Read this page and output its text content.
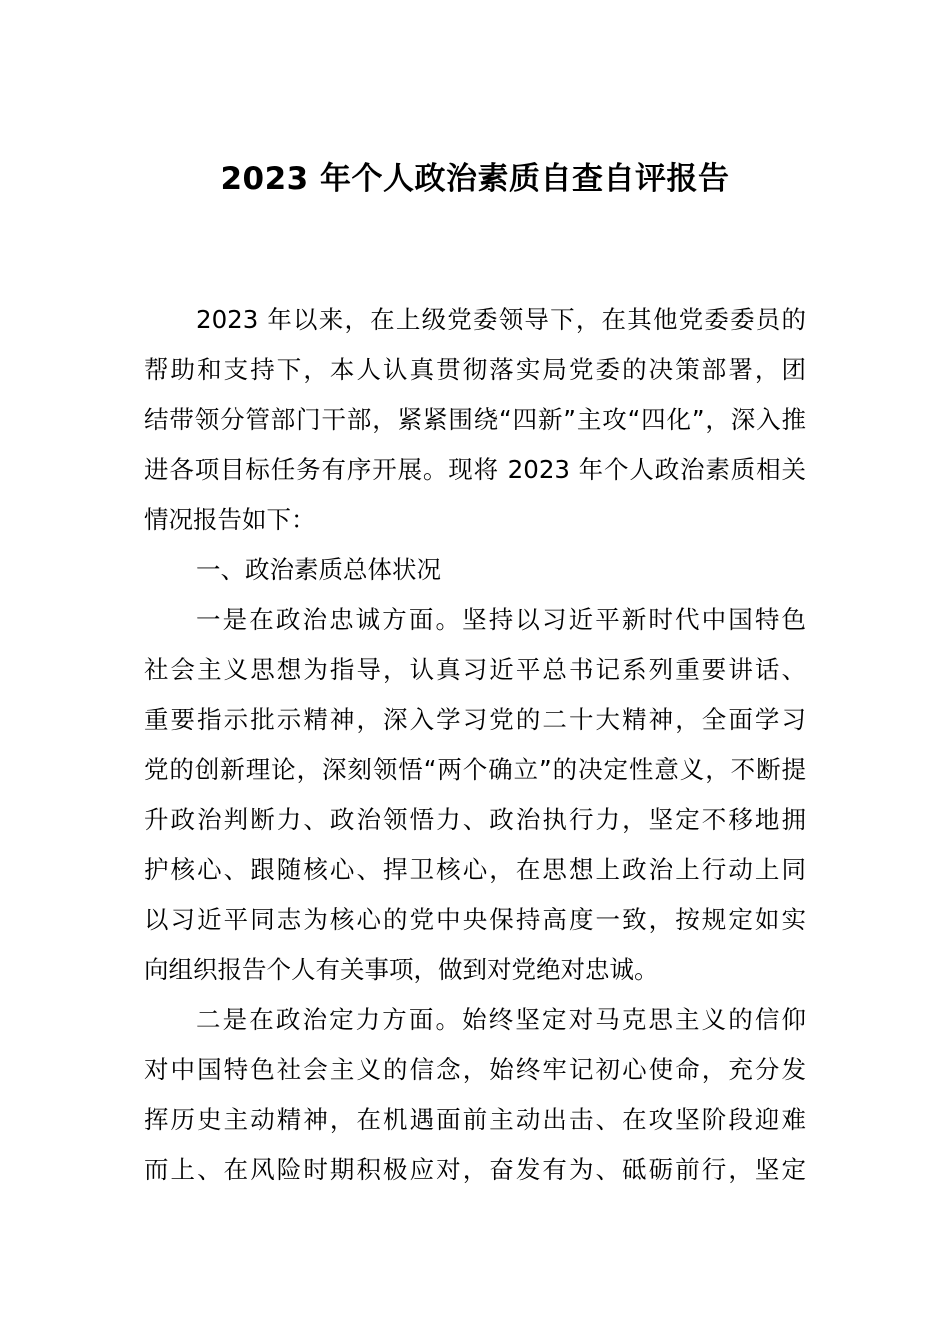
2023 年个人政治素质自查自评报告
2023 年以来，在上级党委领导下，在其他党委委员的
帮助和支持下，本人认真贯彻落实局党委的决策部署，团
结带领分管部门干部，紧紧围绕“四新”主攻“四化”，深入推
进各项目标任务有序开展。现将 2023 年个人政治素质相关
情况报告如下：
一、政治素质总体状况
一是在政治忠诚方面。坚持以习近平新时代中国特色
社会主义思想为指导，认真习近平总书记系列重要讲话、
重要指示批示精神，深入学习党的二十大精神，全面学习
党的创新理论，深刻领悟“两个确立”的决定性意义，不断提
升政治判断力、政治领悟力、政治执行力，坚定不移地拥
护核心、跟随核心、捍卫核心，在思想上政治上行动上同
以习近平同志为核心的党中央保持高度一致，按规定如实
向组织报告个人有关事项，做到对党绝对忠诚。
二是在政治定力方面。始终坚定对马克思主义的信仰
对中国特色社会主义的信念，始终牢记初心使命，充分发
挥历史主动精神，在机遇面前主动出击、在攻坚阶段迎难
而上、在风险时期积极应对，奋发有为、砥砺前行，坚定
